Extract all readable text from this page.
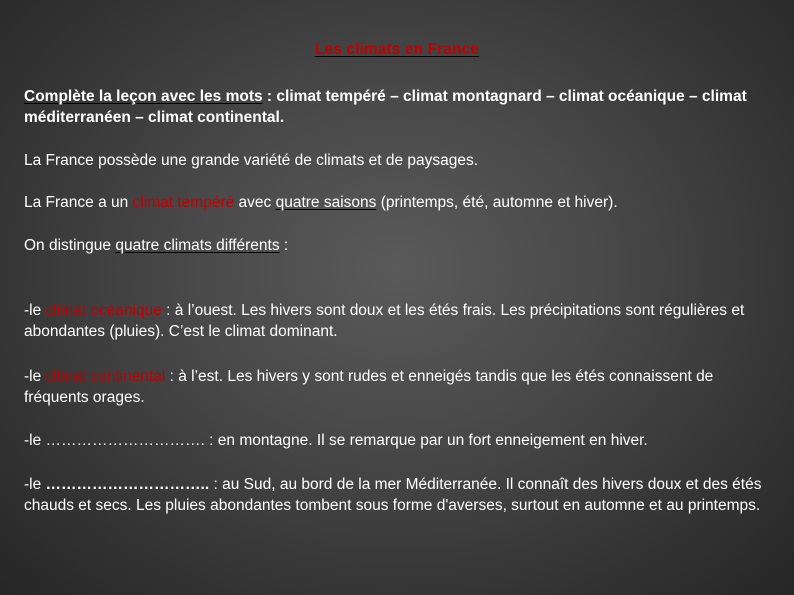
Les climats en France

Complète la leçon avec les mots : climat tempéré – climat montagnard – climat océanique – climat méditerranéen – climat continental.

La France possède une grande variété de climats et de paysages.

La France a un climat tempéré avec quatre saisons (printemps, été, automne et hiver).

On distingue quatre climats différents :

-le climat océanique : à l’ouest. Les hivers sont doux et les étés frais. Les précipitations sont régulières et abondantes (pluies). C’est le climat dominant.

-le climat continental : à l’est. Les hivers y sont rudes et enneigés tandis que les étés connaissent de fréquents orages.

-le …………………………. : en montagne. Il se remarque par un fort enneigement en hiver.

-le ………………………….. : au Sud, au bord de la mer Méditerranée. Il connaît des hivers doux et des étés chauds et secs. Les pluies abondantes tombent sous forme d'averses, surtout en automne et au printemps.
